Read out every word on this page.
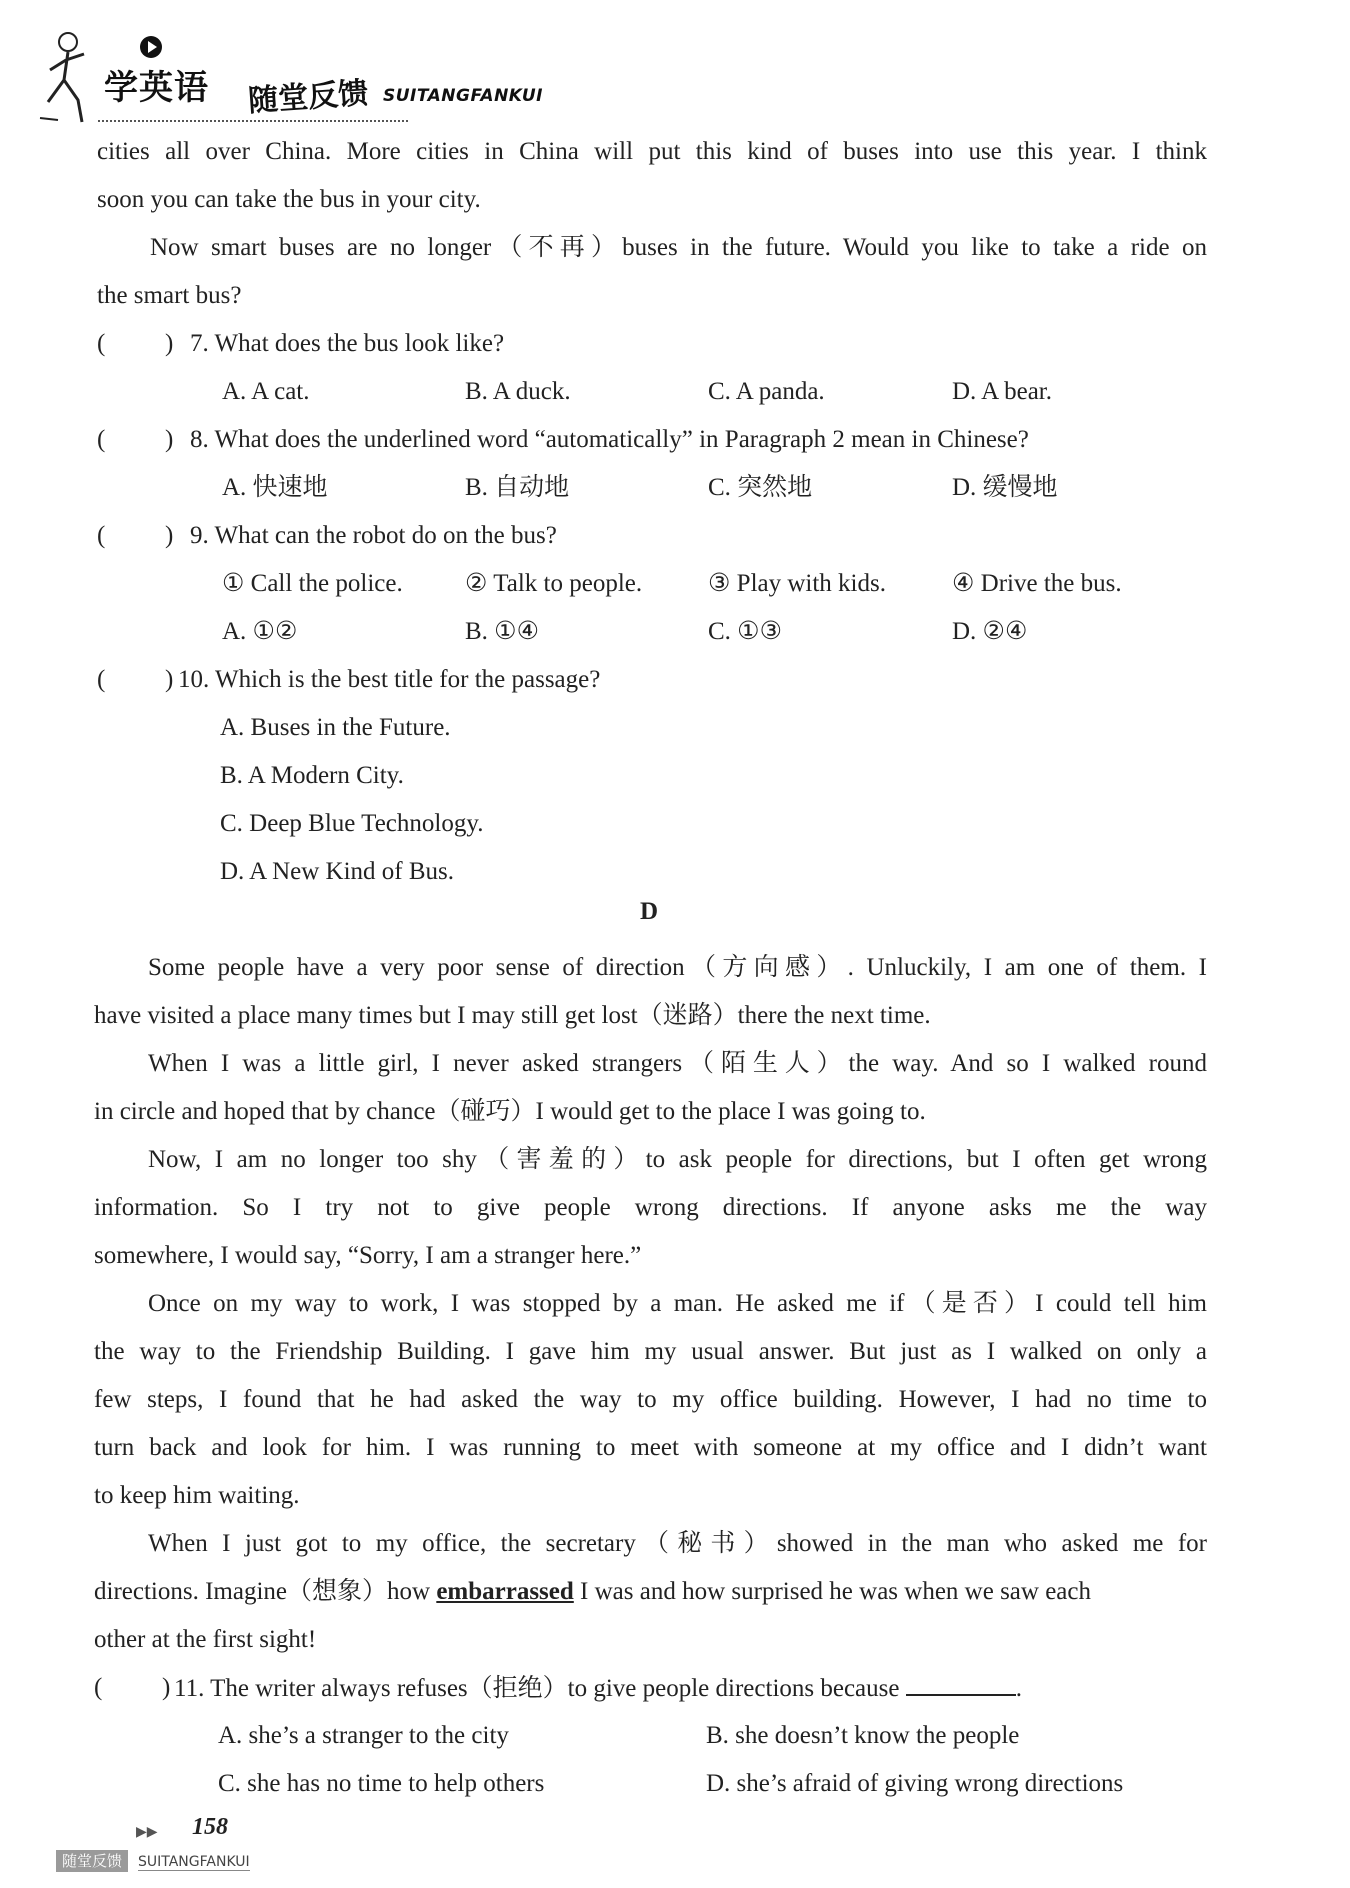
学英语 随堂反馈 SUITANGFANKUI
cities all over China. More cities in China will put this kind of buses into use this year. I think
soon you can take the bus in your city.
Now smart buses are no longer（不再）buses in the future. Would you like to take a ride on
the smart bus?
( ) 7. What does the bus look like?
A. A cat.	B. A duck.	C. A panda.	D. A bear.
( ) 8. What does the underlined word “automatically” in Paragraph 2 mean in Chinese?
A. 快速地	B. 自动地	C. 突然地	D. 缓慢地
( ) 9. What can the robot do on the bus?
① Call the police. ② Talk to people.	③ Play with kids.	④ Drive the bus.
A. ①②	B. ①④	C. ①③	D. ②④
( ) 10. Which is the best title for the passage?
A. Buses in the Future.
B. A Modern City.
C. Deep Blue Technology.
D. A New Kind of Bus.
D
Some people have a very poor sense of direction（方向感）. Unluckily, I am one of them. I
have visited a place many times but I may still get lost（迷路）there the next time.
When I was a little girl, I never asked strangers（陌生人）the way. And so I walked round
in circle and hoped that by chance（碰巧）I would get to the place I was going to.
Now, I am no longer too shy（害羞的）to ask people for directions, but I often get wrong
information. So I try not to give people wrong directions. If anyone asks me the way
somewhere, I would say, “Sorry, I am a stranger here.”
Once on my way to work, I was stopped by a man. He asked me if（是否）I could tell him
the way to the Friendship Building. I gave him my usual answer. But just as I walked on only a
few steps, I found that he had asked the way to my office building. However, I had no time to
turn back and look for him. I was running to meet with someone at my office and I didn’t want
to keep him waiting.
When I just got to my office, the secretary（秘书）showed in the man who asked me for
directions. Imagine（想象）how embarrassed I was and how surprised he was when we saw each
other at the first sight!
( ) 11. The writer always refuses（拒绝）to give people directions because	.
A. she’s a stranger to the city	B. she doesn’t know the people
C. she has no time to help others	D. she’s afraid of giving wrong directions
▶▶ 158
随堂反馈	SUITANGFANKUI
